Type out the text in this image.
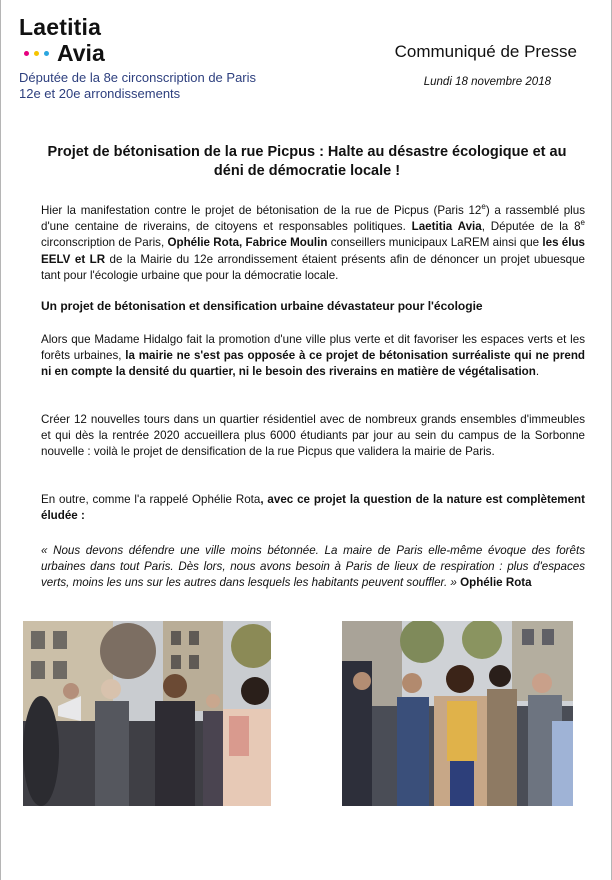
Laetitia
Avia
Députée de la 8e circonscription de Paris
12e et 20e arrondissements
Communiqué de Presse
Lundi 18 novembre 2018
Projet de bétonisation de la rue Picpus : Halte au désastre écologique et au déni de démocratie locale !

Hier la manifestation contre le projet de bétonisation de la rue de Picpus (Paris 12e) a rassemblé plus d'une centaine de riverains, de citoyens et responsables politiques. Laetitia Avia, Députée de la 8e circonscription de Paris, Ophélie Rota, Fabrice Moulin conseillers municipaux LaREM ainsi que les élus EELV et LR de la Mairie du 12e arrondissement étaient présents afin de dénoncer un projet ubuesque tant pour l'écologie urbaine que pour la démocratie locale.

Un projet de bétonisation et densification urbaine dévastateur pour l'écologie

Alors que Madame Hidalgo fait la promotion d'une ville plus verte et dit favoriser les espaces verts et les forêts urbaines, la mairie ne s'est pas opposée à ce projet de bétonisation surréaliste qui ne prend ni en compte la densité du quartier, ni le besoin des riverains en matière de végétalisation.

Créer 12 nouvelles tours dans un quartier résidentiel avec de nombreux grands ensembles d'immeubles et qui dès la rentrée 2020 accueillera plus 6000 étudiants par jour au sein du campus de la Sorbonne nouvelle : voilà le projet de densification de la rue Picpus que validera la mairie de Paris.

En outre, comme l'a rappelé Ophélie Rota, avec ce projet la question de la nature est complètement éludée :

« Nous devons défendre une ville moins bétonnée. La maire de Paris elle-même évoque des forêts urbaines dans tout Paris. Dès lors, nous avons besoin à Paris de lieux de respiration : plus d'espaces verts, moins les uns sur les autres dans lesquels les habitants peuvent souffler. » Ophélie Rota
